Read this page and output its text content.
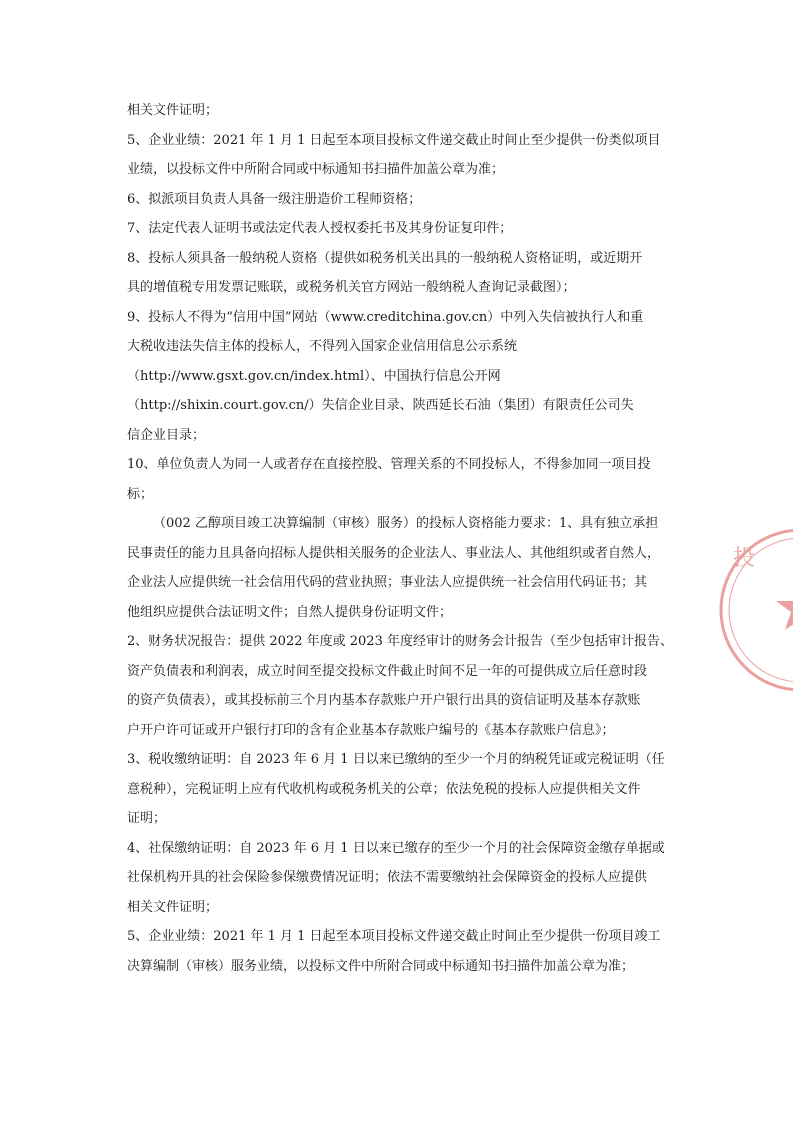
相关文件证明；
5、企业业绩：2021 年 1 月 1 日起至本项目投标文件递交截止时间止至少提供一份类似项目
业绩，以投标文件中所附合同或中标通知书扫描件加盖公章为准；
6、拟派项目负责人具备一级注册造价工程师资格；
7、法定代表人证明书或法定代表人授权委托书及其身份证复印件；
8、投标人须具备一般纳税人资格（提供如税务机关出具的一般纳税人资格证明，或近期开
具的增值税专用发票记账联，或税务机关官方网站一般纳税人查询记录截图）；
9、投标人不得为“信用中国”网站（www.creditchina.gov.cn）中列入失信被执行人和重
大税收违法失信主体的投标人，不得列入国家企业信用信息公示系统
（http://www.gsxt.gov.cn/index.html）、中国执行信息公开网
（http://shixin.court.gov.cn/）失信企业目录、陕西延长石油（集团）有限责任公司失
信企业目录；
10、单位负责人为同一人或者存在直接控股、管理关系的不同投标人，不得参加同一项目投
标；
（002 乙醇项目竣工决算编制（审核）服务）的投标人资格能力要求：1、具有独立承担
民事责任的能力且具备向招标人提供相关服务的企业法人、事业法人、其他组织或者自然人，
企业法人应提供统一社会信用代码的营业执照；事业法人应提供统一社会信用代码证书；其
他组织应提供合法证明文件；自然人提供身份证明文件；
2、财务状况报告：提供 2022 年度或 2023 年度经审计的财务会计报告（至少包括审计报告、
资产负债表和利润表，成立时间至提交投标文件截止时间不足一年的可提供成立后任意时段
的资产负债表），或其投标前三个月内基本存款账户开户银行出具的资信证明及基本存款账
户开户许可证或开户银行打印的含有企业基本存款账户编号的《基本存款账户信息》；
3、税收缴纳证明：自 2023 年 6 月 1 日以来已缴纳的至少一个月的纳税凭证或完税证明（任
意税种），完税证明上应有代收机构或税务机关的公章；依法免税的投标人应提供相关文件
证明；
4、社保缴纳证明：自 2023 年 6 月 1 日以来已缴存的至少一个月的社会保障资金缴存单据或
社保机构开具的社会保险参保缴费情况证明；依法不需要缴纳社会保障资金的投标人应提供
相关文件证明；
5、企业业绩：2021 年 1 月 1 日起至本项目投标文件递交截止时间止至少提供一份项目竣工
决算编制（审核）服务业绩，以投标文件中所附合同或中标通知书扫描件加盖公章为准；
投
